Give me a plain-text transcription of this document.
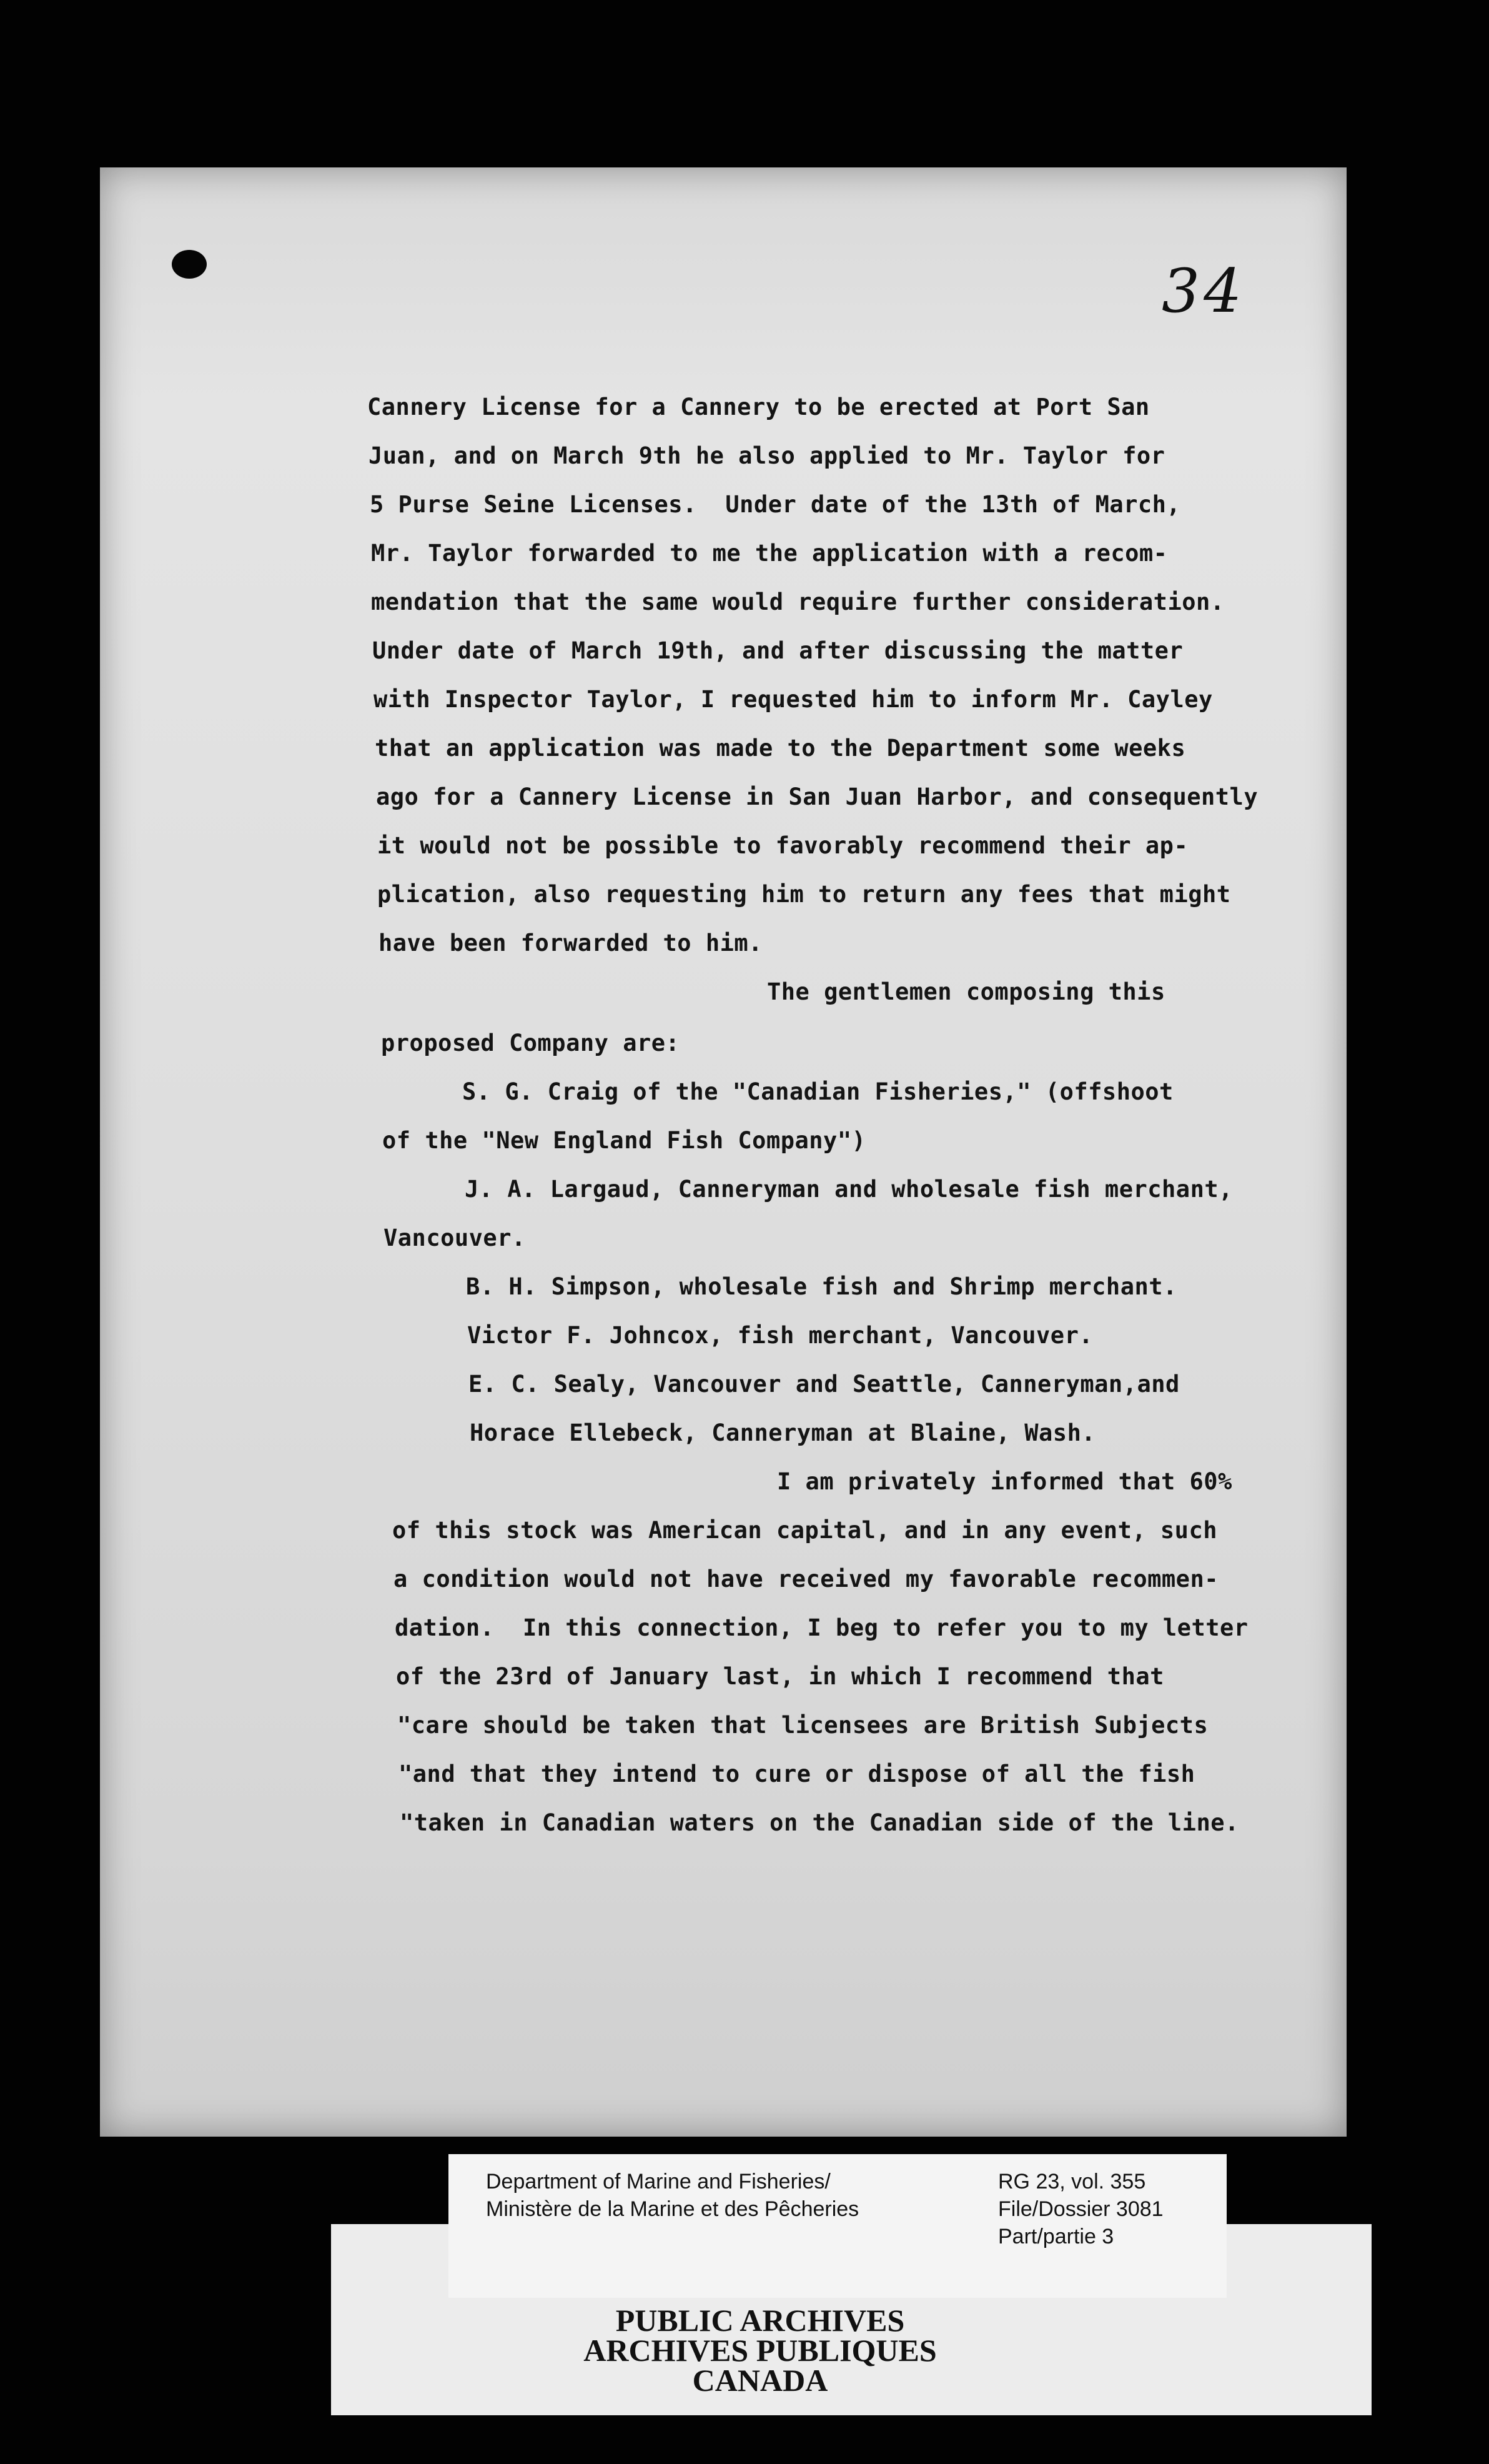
34
Cannery License for a Cannery to be erected at Port San
Juan, and on March 9th he also applied to Mr. Taylor for
5 Purse Seine Licenses.  Under date of the 13th of March,
Mr. Taylor forwarded to me the application with a recom-
mendation that the same would require further consideration.
Under date of March 19th, and after discussing the matter
with Inspector Taylor, I requested him to inform Mr. Cayley
that an application was made to the Department some weeks
ago for a Cannery License in San Juan Harbor, and consequently
it would not be possible to favorably recommend their ap-
plication, also requesting him to return any fees that might
have been forwarded to him.
The gentlemen composing this
proposed Company are:
S. G. Craig of the "Canadian Fisheries," (offshoot
of the "New England Fish Company")
J. A. Largaud, Canneryman and wholesale fish merchant,
Vancouver.
B. H. Simpson, wholesale fish and Shrimp merchant.
Victor F. Johncox, fish merchant, Vancouver.
E. C. Sealy, Vancouver and Seattle, Canneryman,and
Horace Ellebeck, Canneryman at Blaine, Wash.
I am privately informed that 60%
of this stock was American capital, and in any event, such
a condition would not have received my favorable recommen-
dation.  In this connection, I beg to refer you to my letter
of the 23rd of January last, in which I recommend that
"care should be taken that licensees are British Subjects
"and that they intend to cure or dispose of all the fish
"taken in Canadian waters on the Canadian side of the line.
Department of Marine and Fisheries/
Ministère de la Marine et des Pêcheries
RG 23, vol. 355
File/Dossier 3081
Part/partie 3
PUBLIC ARCHIVES
ARCHIVES PUBLIQUES
CANADA
